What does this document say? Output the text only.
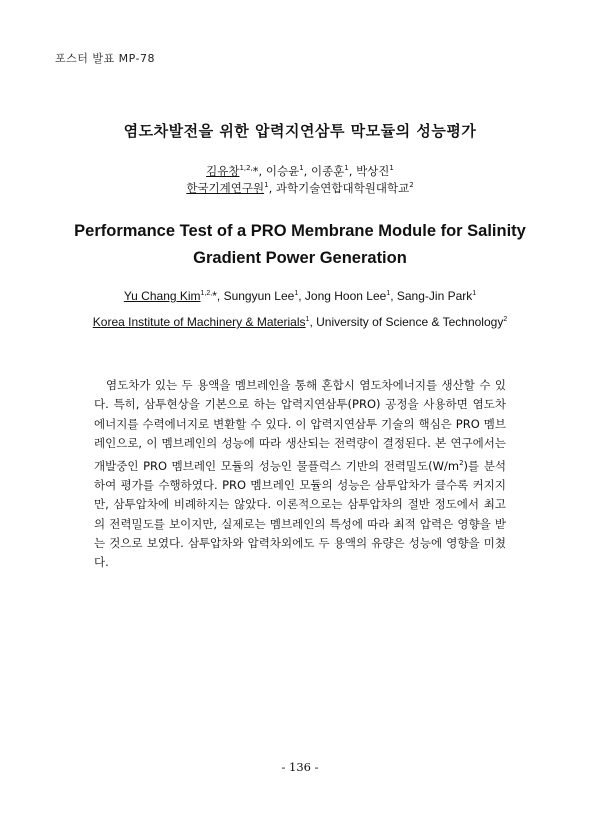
포스터 발표 MP-78
염도차발전을 위한 압력지연삼투 막모듈의 성능평가
김유창$^{1,2,}$*, 이승윤$^1$, 이종훈$^1$, 박상진$^1$
한국기계연구원$^1$, 과학기술연합대학원대학교$^2$
Performance Test of a PRO Membrane Module for Salinity Gradient Power Generation
Yu Chang Kim$^{1,2,}$*, Sungyun Lee$^1$, Jong Hoon Lee$^1$, Sang-Jin Park$^1$
Korea Institute of Machinery & Materials$^1$, University of Science & Technology$^2$
염도차가 있는 두 용액을 멤브레인을 통해 혼합시 염도차에너지를 생산할 수 있다. 특히, 삼투현상을 기본으로 하는 압력지연삼투(PRO) 공정을 사용하면 염도차에너지를 수력에너지로 변환할 수 있다. 이 압력지연삼투 기술의 핵심은 PRO 멤브레인으로, 이 멤브레인의 성능에 따라 생산되는 전력량이 결정된다. 본 연구에서는 개발중인 PRO 멤브레인 모듈의 성능인 물플럭스 기반의 전력밀도$(W/m^2)$를 분석하여 평가를 수행하였다. PRO 멤브레인 모듈의 성능은 삼투압차가 클수록 커지지만, 삼투압차에 비례하지는 않았다. 이론적으로는 삼투압차의 절반 정도에서 최고의 전력밀도를 보이지만, 실제로는 멤브레인의 특성에 따라 최적 압력은 영향을 받는 것으로 보였다. 삼투압차와 압력차외에도 두 용액의 유량은 성능에 영향을 미쳤다.
- 136 -
